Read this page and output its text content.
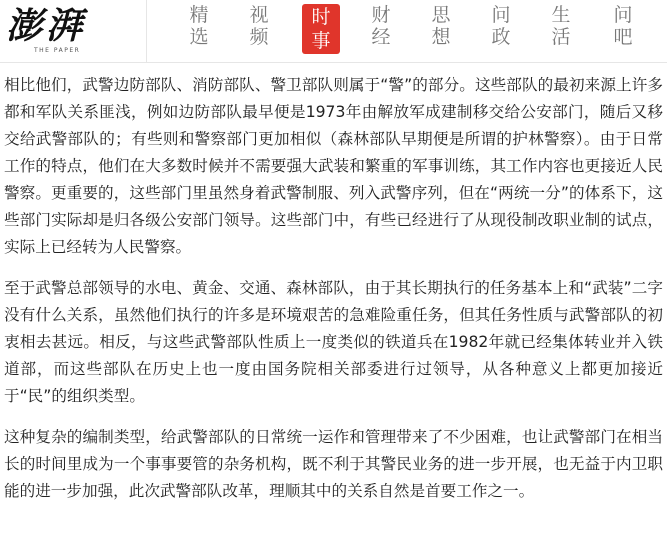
澎湃
THE PAPER
精
选
视
频
时
事
财
经
思
想
问
政
生
活
问
吧

相比他们，武警边防部队、消防部队、警卫部队则属于“警”的部分。这些部队的最初来源上许多都和军队关系匪浅，例如边防部队最早便是1973年由解放军成建制移交给公安部门，随后又移交给武警部队的；有些则和警察部门更加相似（森林部队早期便是所谓的护林警察）。由于日常工作的特点，他们在大多数时候并不需要强大武装和繁重的军事训练，其工作内容也更接近人民警察。更重要的，这些部门里虽然身着武警制服、列入武警序列，但在“两统一分”的体系下，这些部门实际却是归各级公安部门领导。这些部门中，有些已经进行了从现役制改职业制的试点，实际上已经转为人民警察。

至于武警总部领导的水电、黄金、交通、森林部队，由于其长期执行的任务基本上和“武装”二字没有什么关系，虽然他们执行的许多是环境艰苦的急难险重任务，但其任务性质与武警部队的初衷相去甚远。相反，与这些武警部队性质上一度类似的铁道兵在1982年就已经集体转业并入铁道部，而这些部队在历史上也一度由国务院相关部委进行过领导，从各种意义上都更加接近于“民”的组织类型。

这种复杂的编制类型，给武警部队的日常统一运作和管理带来了不少困难，也让武警部门在相当长的时间里成为一个事事要管的杂务机构，既不利于其警民业务的进一步开展，也无益于内卫职能的进一步加强，此次武警部队改革，理顺其中的关系自然是首要工作之一。
